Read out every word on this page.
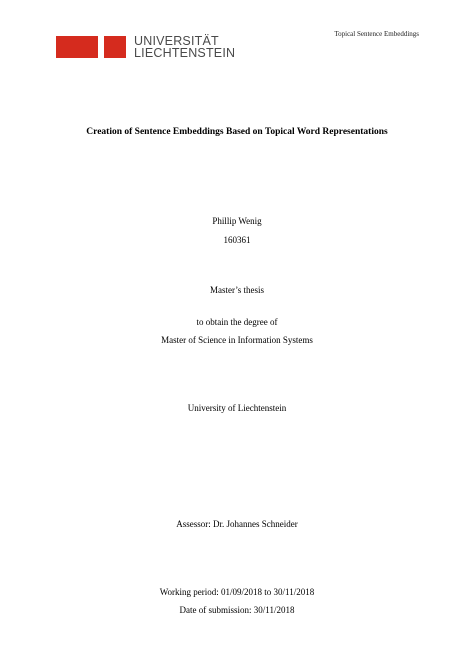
Topical Sentence Embeddings
UNIVERSITÄT
LIECHTENSTEIN
Creation of Sentence Embeddings Based on Topical Word Representations
Phillip Wenig
160361
Master’s thesis
to obtain the degree of
Master of Science in Information Systems
University of Liechtenstein
Assessor: Dr. Johannes Schneider
Working period: 01/09/2018 to 30/11/2018
Date of submission: 30/11/2018
